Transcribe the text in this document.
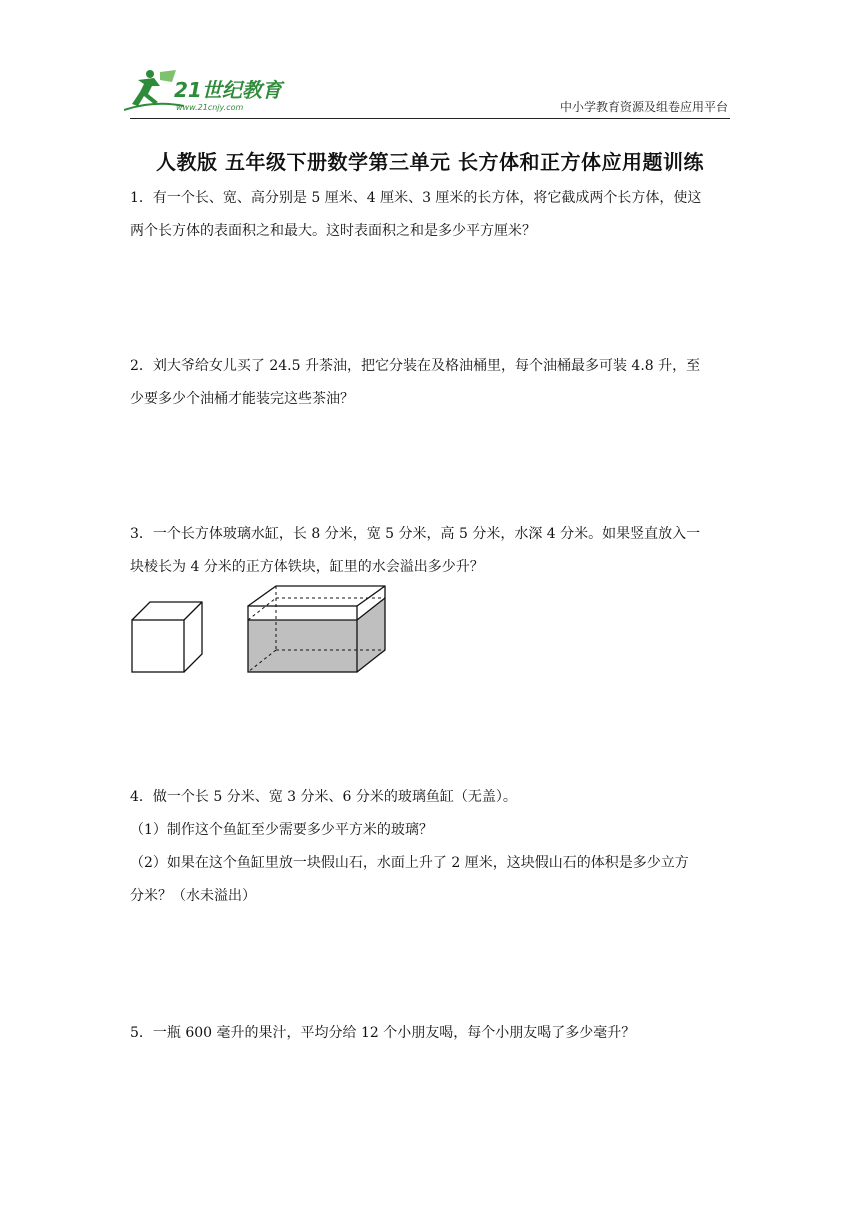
21世纪教育
www.21cnjy.com	中小学教育资源及组卷应用平台
人教版 五年级下册数学第三单元 长方体和正方体应用题训练

1．有一个长、宽、高分别是 5 厘米、4 厘米、3 厘米的长方体，将它截成两个长方体，使这

两个长方体的表面积之和最大。这时表面积之和是多少平方厘米？

2．刘大爷给女儿买了 24.5 升茶油，把它分装在及格油桶里，每个油桶最多可装 4.8 升，至

少要多少个油桶才能装完这些茶油？

3．一个长方体玻璃水缸，长 8 分米，宽 5 分米，高 5 分米，水深 4 分米。如果竖直放入一

块棱长为 4 分米的正方体铁块，缸里的水会溢出多少升？

4．做一个长 5 分米、宽 3 分米、6 分米的玻璃鱼缸（无盖）。

（1）制作这个鱼缸至少需要多少平方米的玻璃？

（2）如果在这个鱼缸里放一块假山石，水面上升了 2 厘米，这块假山石的体积是多少立方

分米？（水未溢出）

5．一瓶 600 毫升的果汁，平均分给 12 个小朋友喝，每个小朋友喝了多少毫升？
